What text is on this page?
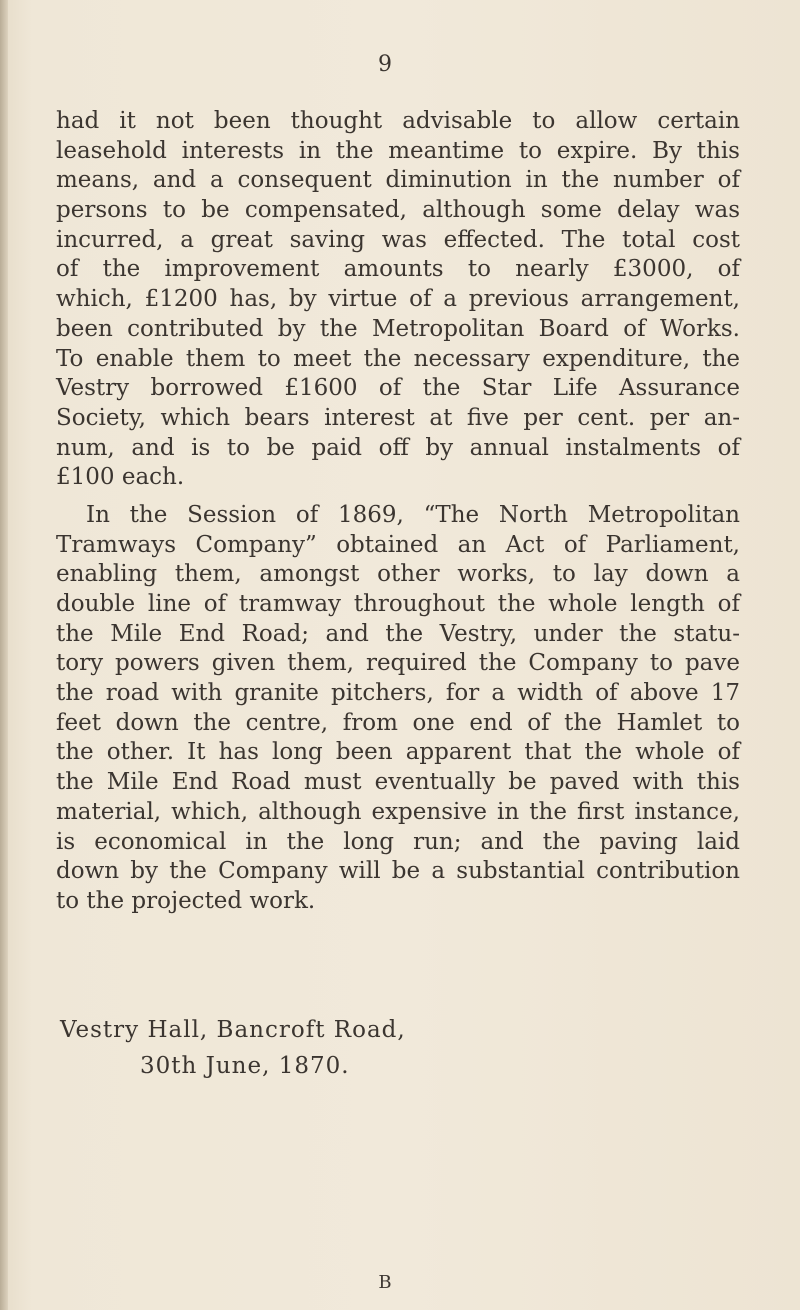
9
had it not been thought advisable to allow certain
leasehold interests in the meantime to expire. By this
means, and a consequent diminution in the number of
persons to be compensated, although some delay was
incurred, a great saving was effected. The total cost
of the improvement amounts to nearly £3000, of
which, £1200 has, by virtue of a previous arrangement,
been contributed by the Metropolitan Board of Works.
To enable them to meet the necessary expenditure, the
Vestry borrowed £1600 of the Star Life Assurance
Society, which bears interest at five per cent. per an-
num, and is to be paid off by annual instalments of
£100 each.
In the Session of 1869, “The North Metropolitan
Tramways Company” obtained an Act of Parliament,
enabling them, amongst other works, to lay down a
double line of tramway throughout the whole length of
the Mile End Road; and the Vestry, under the statu-
tory powers given them, required the Company to pave
the road with granite pitchers, for a width of above 17
feet down the centre, from one end of the Hamlet to
the other. It has long been apparent that the whole of
the Mile End Road must eventually be paved with this
material, which, although expensive in the first instance,
is economical in the long run; and the paving laid
down by the Company will be a substantial contribution
to the projected work.
Vestry Hall, Bancroft Road,
30th June, 1870.
B
